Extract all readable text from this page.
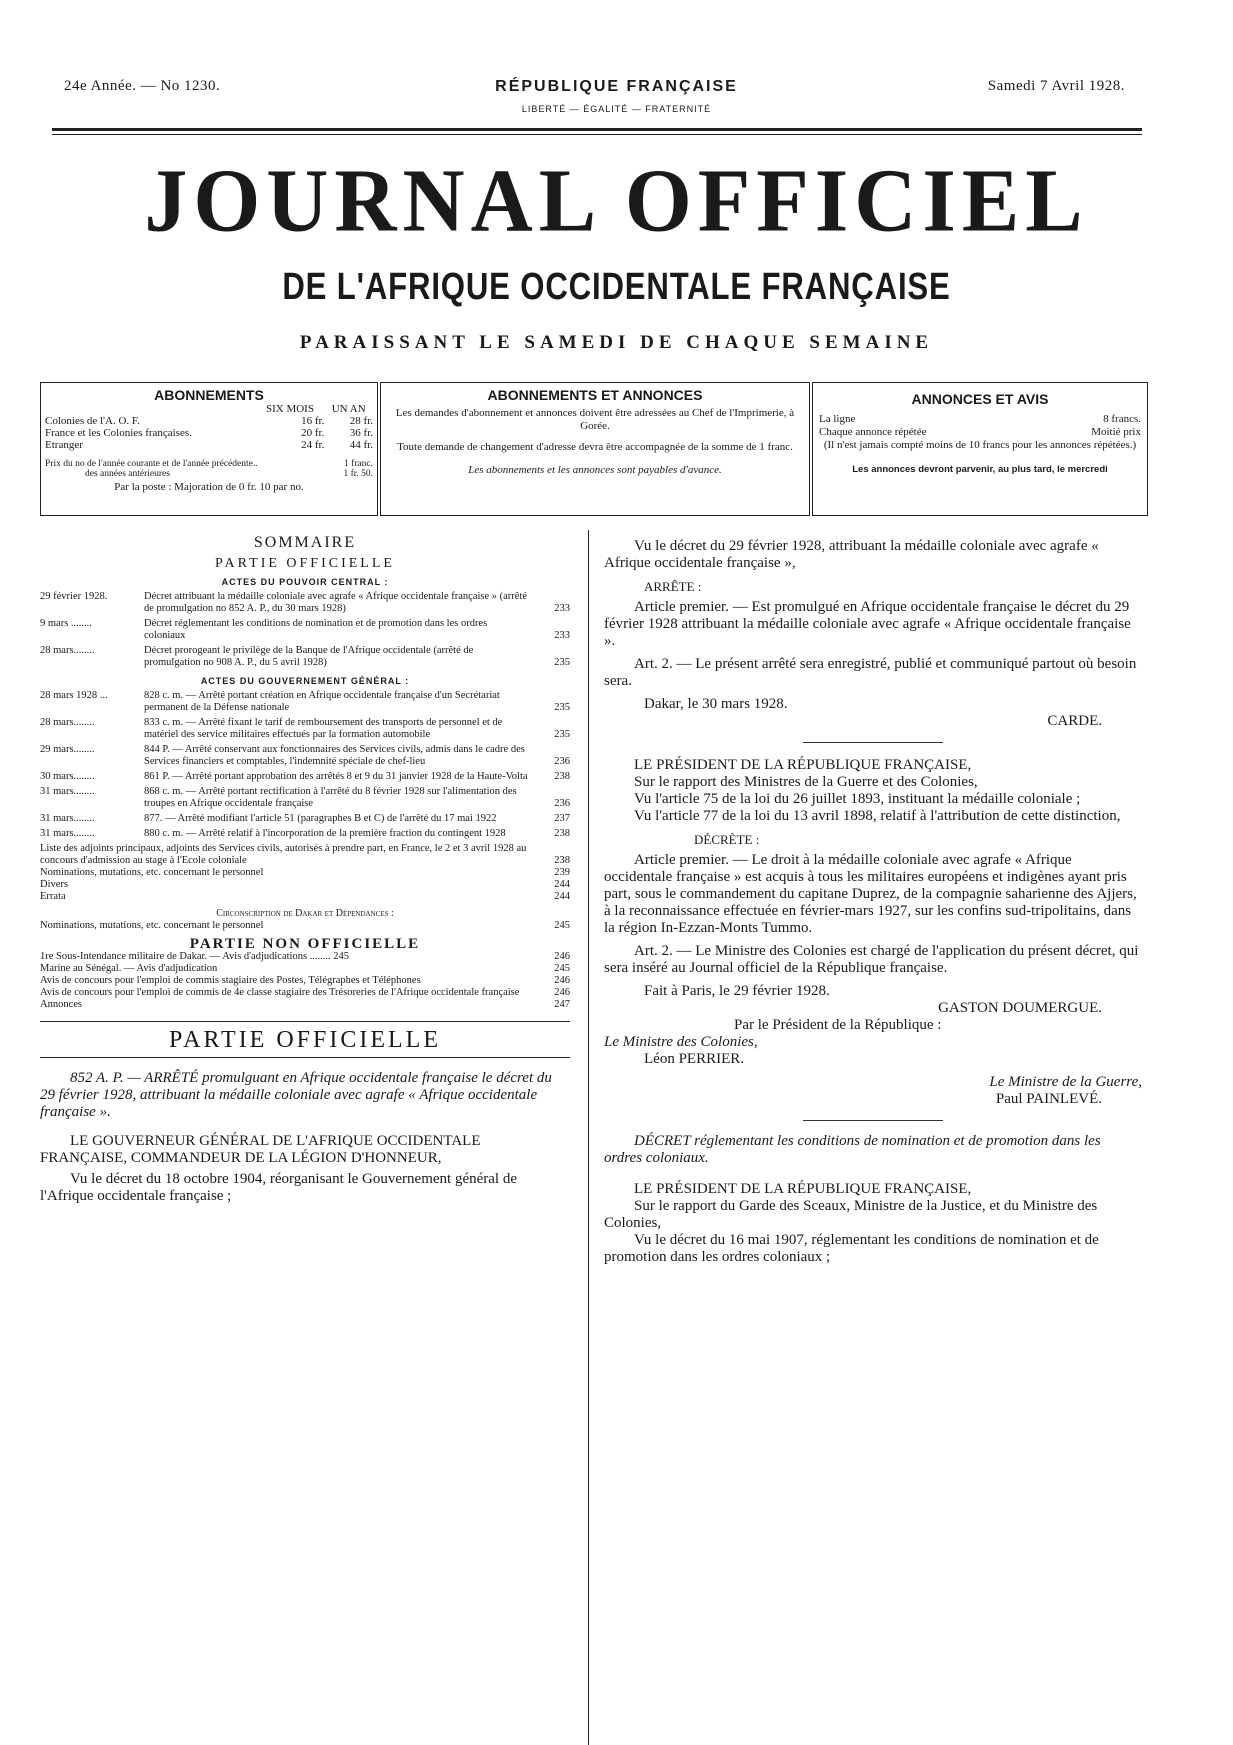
24e Année. — No 1230.	RÉPUBLIQUE FRANÇAISE
LIBERTÉ — ÉGALITÉ — FRATERNITÉ
Samedi 7 Avril 1928.
JOURNAL OFFICIEL
DE L'AFRIQUE OCCIDENTALE FRANÇAISE
PARAISSANT LE SAMEDI DE CHAQUE SEMAINE
ABONNEMENTS
	SIX MOIS	UN AN
Colonies de l'A. O. F.	16 fr.	28 fr.
France et les Colonies françaises.	20 fr.	36 fr.
Etranger	24 fr.	44 fr.
Prix du no de l'année courante et de l'année précédente..	1 franc.
des années antérieures	1 fr. 50.
Par la poste : Majoration de 0 fr. 10 par no.
ABONNEMENTS ET ANNONCES

Les demandes d'abonnement et annonces doivent être adressées au Chef de l'Imprimerie, à Gorée.

Toute demande de changement d'adresse devra être accompagnée de la somme de 1 franc.

Les abonnements et les annonces sont payables d'avance.

ANNONCES ET AVIS
La ligne	8 francs.
Chaque annonce répétée	Moitié prix

(Il n'est jamais compté moins de 10 francs pour les annonces répétées.)

Les annonces devront parvenir, au plus tard, le mercredi

SOMMAIRE
PARTIE OFFICIELLE
ACTES DU POUVOIR CENTRAL :
29 février 1928.	Décret attribuant la médaille coloniale avec agrafe « Afrique occidentale française » (arrêté de promulgation no 852 A. P., du 30 mars 1928)	233
9 mars ........	Décret réglementant les conditions de nomination et de promotion dans les ordres coloniaux	233
28 mars........	Décret prorogeant le privilège de la Banque de l'Afrique occidentale (arrêté de promulgation no 908 A. P., du 5 avril 1928)	235
ACTES DU GOUVERNEMENT GÉNÉRAL :
28 mars 1928 ...	828 c. m. — Arrêté portant création en Afrique occidentale française d'un Secrétariat permanent de la Défense nationale	235
28 mars........	833 c. m. — Arrêté fixant le tarif de remboursement des transports de personnel et de matériel des service militaires effectués par la formation automobile	235
29 mars........	844 P. — Arrêté conservant aux fonctionnaires des Services civils, admis dans le cadre des Services financiers et comptables, l'indemnité spéciale de chef-lieu	236
30 mars........	861 P. — Arrêté portant approbation des arrêtés 8 et 9 du 31 janvier 1928 de la Haute-Volta	238
31 mars........	868 c. m. — Arrêté portant rectification à l'arrêté du 8 février 1928 sur l'alimentation des troupes en Afrique occidentale française	236
31 mars........	877. — Arrêté modifiant l'article 51 (paragraphes B et C) de l'arrêté du 17 mai 1922	237
31 mars........	880 c. m. — Arrêté relatif à l'incorporation de la première fraction du contingent 1928	238
Liste des adjoints principaux, adjoints des Services civils, autorisés à prendre part, en France, le 2 et 3 avril 1928 au concours d'admission au stage à l'Ecole coloniale	238
Nominations, mutations, etc. concernant le personnel	239
Divers	244
Errata	244
Circonscription de Dakar et Dépendances :
Nominations, mutations, etc. concernant le personnel	245
PARTIE NON OFFICIELLE
1re Sous-Intendance militaire de Dakar. — Avis d'adjudications ........ 245	246
Marine au Sénégal. — Avis d'adjudication	245
Avis de concours pour l'emploi de commis stagiaire des Postes, Télégraphes et Téléphones	246
Avis de concours pour l'emploi de commis de 4e classe stagiaire des Trésoreries de l'Afrique occidentale française	246
Annonces	247
PARTIE OFFICIELLE

852 A. P. — ARRÊTÉ promulguant en Afrique occidentale française le décret du 29 février 1928, attribuant la médaille coloniale avec agrafe « Afrique occidentale française ».

LE GOUVERNEUR GÉNÉRAL DE L'AFRIQUE OCCIDENTALE FRANÇAISE, COMMANDEUR DE LA LÉGION D'HONNEUR,

Vu le décret du 18 octobre 1904, réorganisant le Gouvernement général de l'Afrique occidentale française ;

Vu le décret du 29 février 1928, attribuant la médaille coloniale avec agrafe « Afrique occidentale française »,

ARRÊTE :

Article premier. — Est promulgué en Afrique occidentale française le décret du 29 février 1928 attribuant la médaille coloniale avec agrafe « Afrique occidentale française ».

Art. 2. — Le présent arrêté sera enregistré, publié et communiqué partout où besoin sera.

Dakar, le 30 mars 1928.

CARDE.

LE PRÉSIDENT DE LA RÉPUBLIQUE FRANÇAISE,

Sur le rapport des Ministres de la Guerre et des Colonies,

Vu l'article 75 de la loi du 26 juillet 1893, instituant la médaille coloniale ;

Vu l'article 77 de la loi du 13 avril 1898, relatif à l'attribution de cette distinction,

DÉCRÈTE :

Article premier. — Le droit à la médaille coloniale avec agrafe « Afrique occidentale française » est acquis à tous les militaires européens et indigènes ayant pris part, sous le commandement du capitane Duprez, de la compagnie saharienne des Ajjers, à la reconnaissance effectuée en février-mars 1927, sur les confins sud-tripolitains, dans la région In-Ezzan-Monts Tummo.

Art. 2. — Le Ministre des Colonies est chargé de l'application du présent décret, qui sera inséré au Journal officiel de la République française.

Fait à Paris, le 29 février 1928.

GASTON DOUMERGUE.

Par le Président de la République :

Le Ministre des Colonies,

Léon PERRIER.

Le Ministre de la Guerre,

Paul PAINLEVÉ.

DÉCRET réglementant les conditions de nomination et de promotion dans les ordres coloniaux.

LE PRÉSIDENT DE LA RÉPUBLIQUE FRANÇAISE,

Sur le rapport du Garde des Sceaux, Ministre de la Justice, et du Ministre des Colonies,

Vu le décret du 16 mai 1907, réglementant les conditions de nomination et de promotion dans les ordres coloniaux ;
